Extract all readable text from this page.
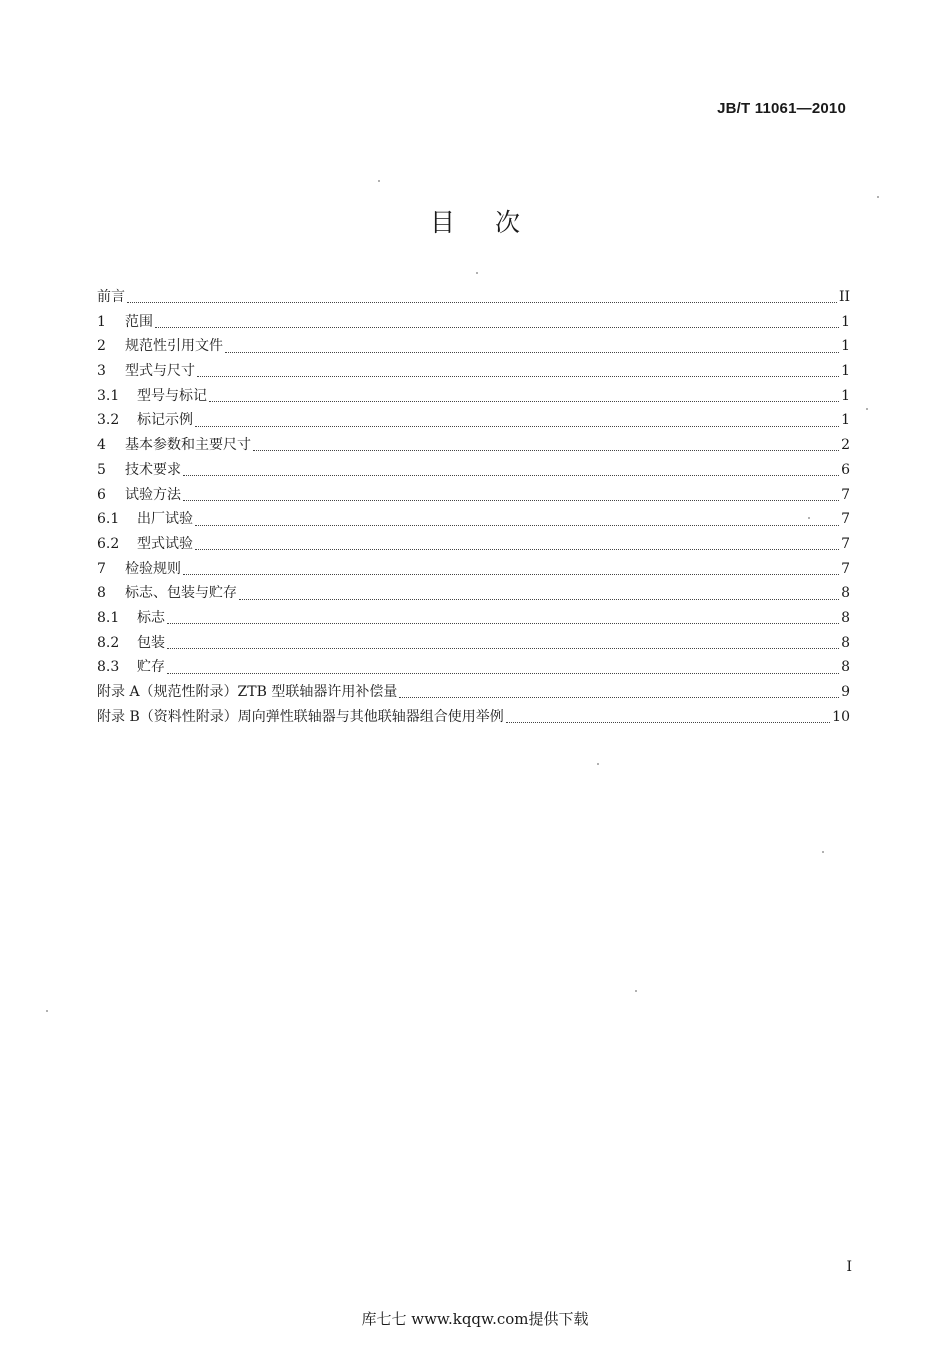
JB/T 11061—2010
目次
前言	II
1	范围	1
2	规范性引用文件	1
3	型式与尺寸	1
3.1	型号与标记	1
3.2	标记示例	1
4	基本参数和主要尺寸	2
5	技术要求	6
6	试验方法	7
6.1	出厂试验	7
6.2	型式试验	7
7	检验规则	7
8	标志、包装与贮存	8
8.1	标志	8
8.2	包装	8
8.3	贮存	8
附录 A（规范性附录）ZTB 型联轴器许用补偿量	9
附录 B（资料性附录）周向弹性联轴器与其他联轴器组合使用举例	10
I
库七七 www.kqqw.com提供下载
